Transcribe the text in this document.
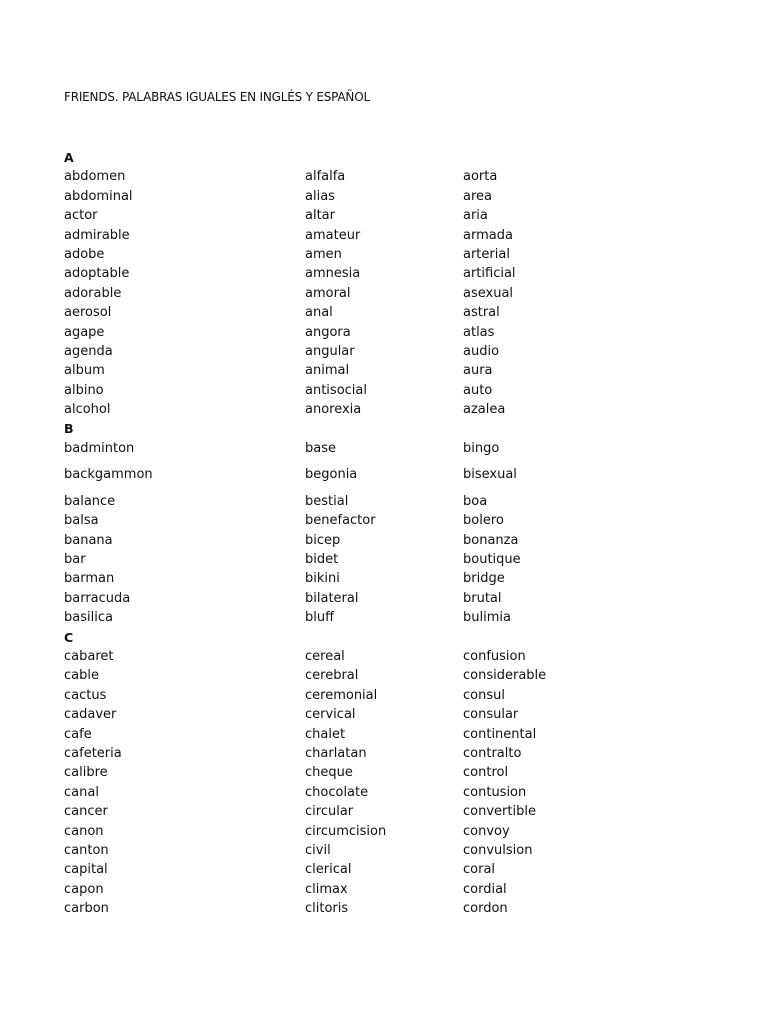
FRIENDS. PALABRAS IGUALES EN INGLÉS Y ESPAÑOL
A
abdomen	alfalfa	aorta
abdominal	alias	area
actor	altar	aria
admirable	amateur	armada
adobe	amen	arterial
adoptable	amnesia	artificial
adorable	amoral	asexual
aerosol	anal	astral
agape	angora	atlas
agenda	angular	audio
album	animal	aura
albino	antisocial	auto
alcohol	anorexia	azalea
B
badminton	base	bingo
backgammon	begonia	bisexual
balance	bestial	boa
balsa	benefactor	bolero
banana	bicep	bonanza
bar	bidet	boutique
barman	bikini	bridge
barracuda	bilateral	brutal
basilica	bluff	bulimia
C
cabaret	cereal	confusion
cable	cerebral	considerable
cactus	ceremonial	consul
cadaver	cervical	consular
cafe	chalet	continental
cafeteria	charlatan	contralto
calibre	cheque	control
canal	chocolate	contusion
cancer	circular	convertible
canon	circumcision	convoy
canton	civil	convulsion
capital	clerical	coral
capon	climax	cordial
carbon	clitoris	cordon
